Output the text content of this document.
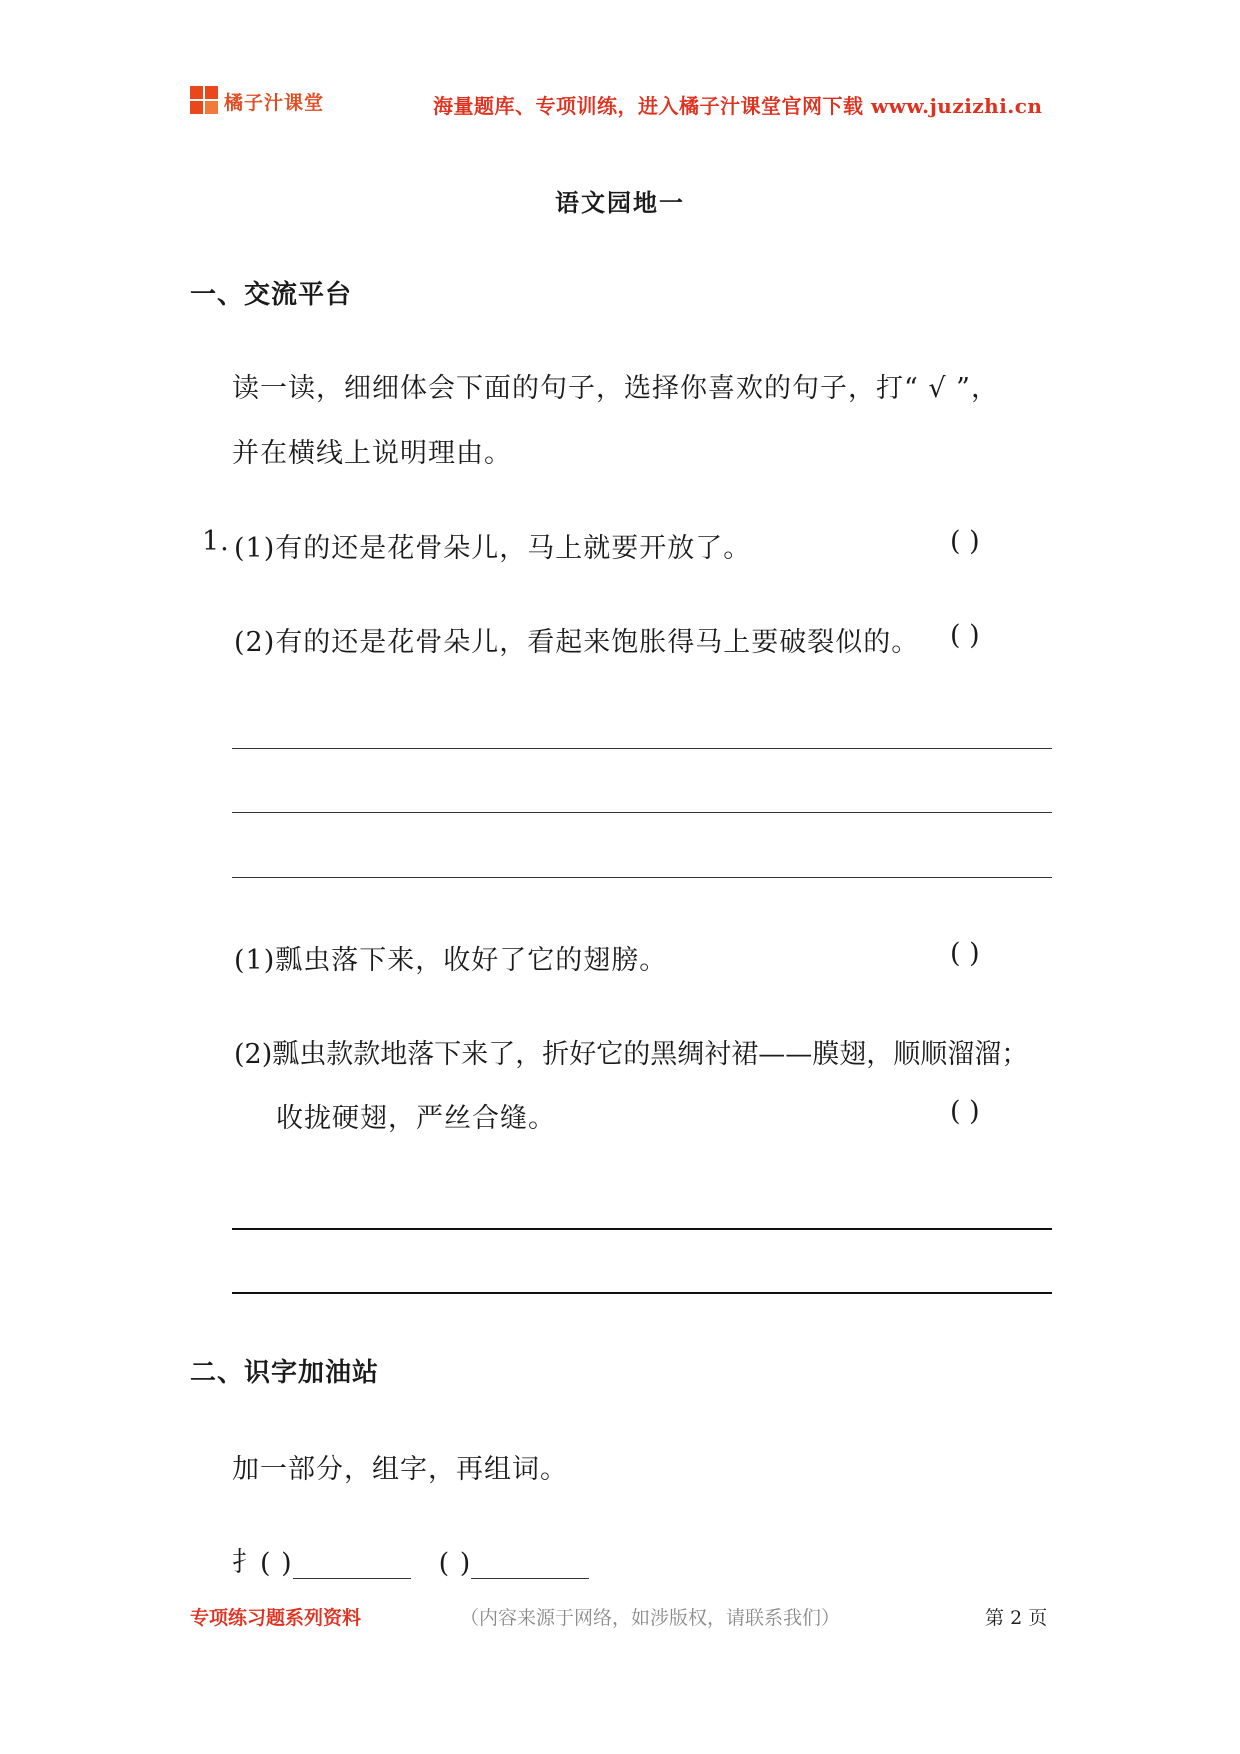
橘子汁课堂	海量题库、专项训练，进入橘子汁课堂官网下载 www.juzizhi.cn
语文园地一
一、交流平台
读一读，细细体会下面的句子，选择你喜欢的句子，打“ √ ”，
并在横线上说明理由。
1. (1)有的还是花骨朵儿，马上就要开放了。	( )
(2)有的还是花骨朵儿，看起来饱胀得马上要破裂似的。 ( )
(1)瓢虫落下来，收好了它的翅膀。	( )
(2)瓢虫款款地落下来了，折好它的黑绸衬裙——膜翅，顺顺溜溜；
收拢硬翅，严丝合缝。	( )
二、识字加油站
加一部分，组字，再组词。
扌 ( )	( )
专项练习题系列资料	（内容来源于网络，如涉版权，请联系我们）	第 2 页
